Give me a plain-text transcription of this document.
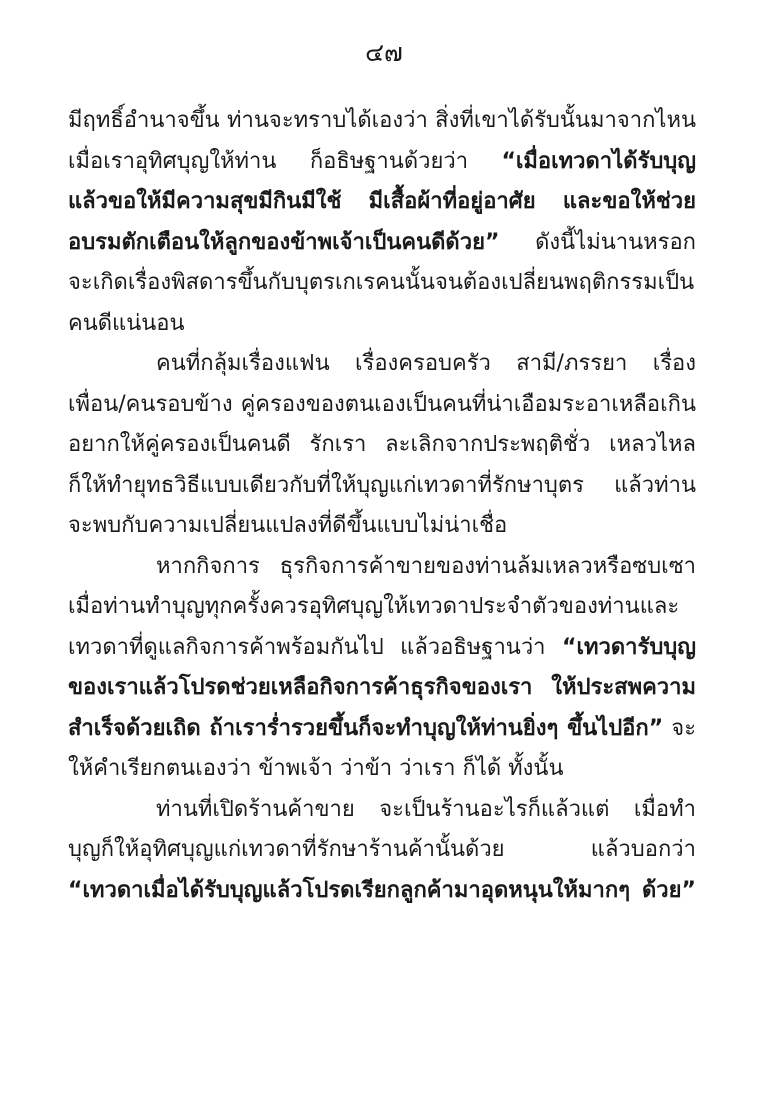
๔๗
มีฤทธิ์อำนาจขึ้น ท่านจะทราบได้เองว่า สิ่งที่เขาได้รับนั้นมาจากไหน
เมื่อเราอุทิศบุญให้ท่าน ก็อธิษฐานด้วยว่า “เมื่อเทวดาได้รับบุญ
แล้วขอให้มีความสุขมีกินมีใช้ มีเสื้อผ้าที่อยู่อาศัย และขอให้ช่วย
อบรมตักเตือนให้ลูกของข้าพเจ้าเป็นคนดีด้วย” ดังนี้ไม่นานหรอก
จะเกิดเรื่องพิสดารขึ้นกับบุตรเกเรคนนั้นจนต้องเปลี่ยนพฤติกรรมเป็น
คนดีแน่นอน
คนที่กลุ้มเรื่องแฟน เรื่องครอบครัว สามี/ภรรยา เรื่อง
เพื่อน/คนรอบข้าง คู่ครองของตนเองเป็นคนที่น่าเอือมระอาเหลือเกิน
อยากให้คู่ครองเป็นคนดี รักเรา ละเลิกจากประพฤติชั่ว เหลวไหล
ก็ให้ทำยุทธวิธีแบบเดียวกับที่ให้บุญแก่เทวดาที่รักษาบุตร แล้วท่าน
จะพบกับความเปลี่ยนแปลงที่ดีขึ้นแบบไม่น่าเชื่อ
หากกิจการ ธุรกิจการค้าขายของท่านล้มเหลวหรือซบเซา
เมื่อท่านทำบุญทุกครั้งควรอุทิศบุญให้เทวดาประจำตัวของท่านและ
เทวดาที่ดูแลกิจการค้าพร้อมกันไป แล้วอธิษฐานว่า “เทวดารับบุญ
ของเราแล้วโปรดช่วยเหลือกิจการค้าธุรกิจของเรา ให้ประสพความ
สำเร็จด้วยเถิด ถ้าเราร่ำรวยขึ้นก็จะทำบุญให้ท่านยิ่งๆ ขึ้นไปอีก” จะ
ให้คำเรียกตนเองว่า ข้าพเจ้า ว่าข้า ว่าเรา ก็ได้ ทั้งนั้น
ท่านที่เปิดร้านค้าขาย จะเป็นร้านอะไรก็แล้วแต่ เมื่อทำ
บุญก็ให้อุทิศบุญแก่เทวดาที่รักษาร้านค้านั้นด้วย แล้วบอกว่า
“เทวดาเมื่อได้รับบุญแล้วโปรดเรียกลูกค้ามาอุดหนุนให้มากๆ ด้วย”
